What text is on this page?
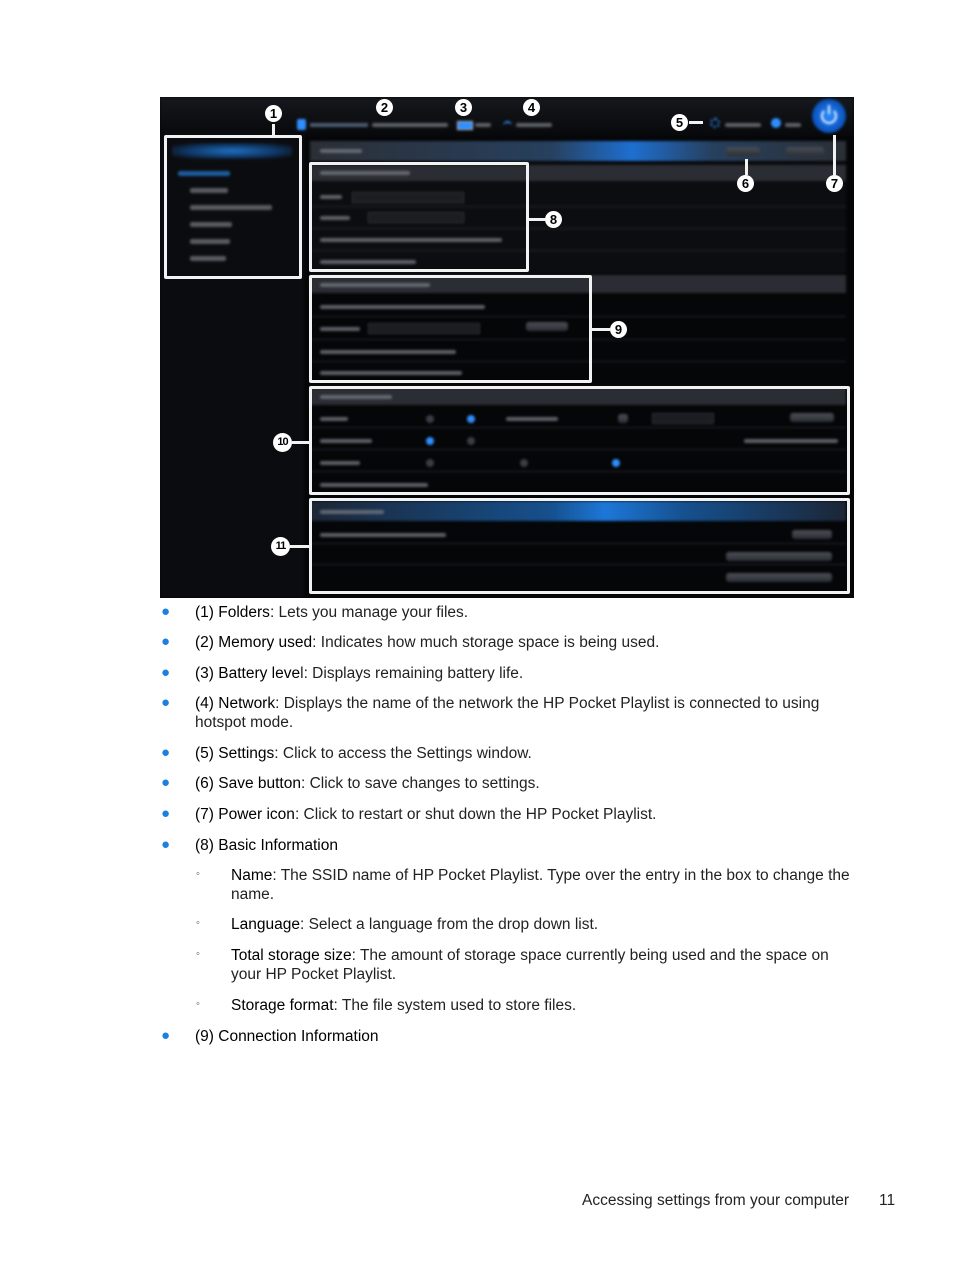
1	2	3	4
5
6	7
8
9
10
11
● (1) Folders: Lets you manage your files.
● (2) Memory used: Indicates how much storage space is being used.
● (3) Battery level: Displays remaining battery life.
● (4) Network: Displays the name of the network the HP Pocket Playlist is connected to using
hotspot mode.
● (5) Settings: Click to access the Settings window.
● (6) Save button: Click to save changes to settings.
● (7) Power icon: Click to restart or shut down the HP Pocket Playlist.
● (8) Basic Information
◦ Name: The SSID name of HP Pocket Playlist. Type over the entry in the box to change the
name.
◦ Language: Select a language from the drop down list.
◦ Total storage size: The amount of storage space currently being used and the space on
your HP Pocket Playlist.
◦ Storage format: The file system used to store files.
● (9) Connection Information
Accessing settings from your computer 11
